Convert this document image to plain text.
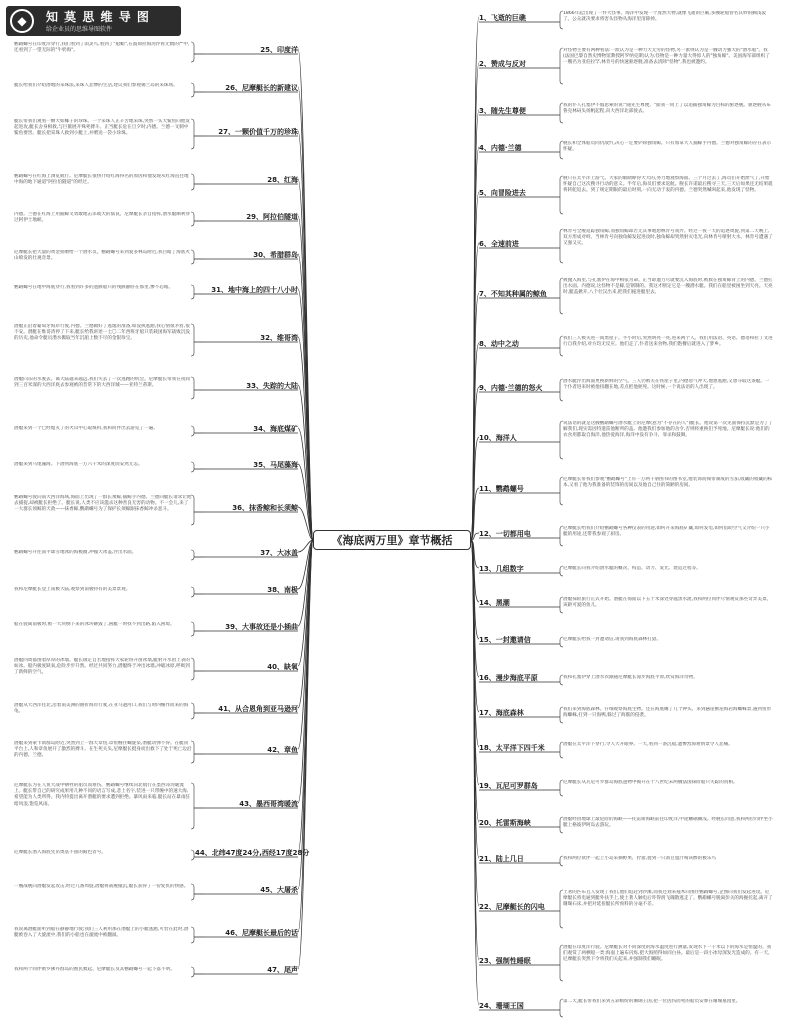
◆	知 莫 思 维 导 图
给企业员的思维导图软件
《海底两万里》章节概括
1、飞逝的巨礁
1866年起出现了一件大怪事。海洋中发现一个庞然大物,就像飞逝的巨礁,多艘轮船曾名其妙的搁浅裂了。公众就决要求将害头怪物从海洋里清除掉。
2、赞成与反对
对怪物主要有两种看法:一派认为是一种力大无穷的怪物,另一派则认为是一艘动力强大的"潜水船"。我(法国巴黎自然史博物馆教授阿罗纳克斯)认为,怪物是一种力量大得惊人的"独角鲸"。美国海军部组织了一艘名为亚伯拉罕,林肯号的快速驱逐舰,准备去清除"怪物",我也被邀约。
3、随先生尊便
我的仆人孔塞伊不假思索的说:"随先生尊便。"面我一同上了以追捕独角鲸为目标的驱逐舰。驱逐舰从布鲁克林码头扬帆起程,向大西洋北部驶去。
4、内德·兰德
舰长和全体船员同仇敌忾,决心一定要铲除独角鲸。只有加拿大人捕鲸手内德。兰德对独角鲸的存在表示怀疑。
5、向冒险进去
舰只在太平洋上游弋。大家的眼睛睁得大大的,努力地观察海面。三个月过去了,海员们开始泄气了,开始怀疑自己这次搜寻行动的意义。半年后,海员们要求返航。舰长许诺最后搜寻三天,三天后如果还无结果就将转舵返去。到了规定期限的最后时刻,一向无动于衷的内德。兰德突然喊叫起来,他发现了怪物。
6、全速前进
林肯号全舰追踪独角鲸,而独角鲸却若无其事地想林肯号戏弄。经过一夜一天的追逐周旋,到第二天晚上,双方形成对峙。当林肯号向独角鲸发起进攻时,独角鲸却突然射灭电光,向林肯号喷射大水。林肯号遭遇了又强又灭。
7、不知其种属的鲸鱼
被抛入海里,与孔塞伊在海中相依为命。正当即遭力尽就要沉入海底时,被救在独角鲸背上的内德。兰德扛出水面。内德说,这怪物不是鲸,是钢制的。我这才断定它是一艘潜水艇。我们在船里被困坐到天亮。天亮时,艇盖掀开,八个壮汉出来,把我们拖进艇里去。
8、动中之动
我们三人被关进一间黑屋子。半小时后,突然明亮一亮,进来两个人。我们用法语、英语、德语和拉丁文进行自我介绍,对方均无反应。他们走了,仆者送来食物,我们饱餐后就进入了梦乡。
9、内德·兰德的怒火
潜水艇浮出海面更换新鲜的空气。三人仍被关在铁屋子里,内德怒气冲天,他想逃跑,又想夺取这条艇。一个仆者进来时被他扭翻在地,差点把他扼死。这时候,一个说法语的人出现了。
10、海洋人
说法语的就是这艘鹦鹉螺号潜水艇上的尼摩(意为"不存在的人")艇长。他说第一次见面保持沉默是为了了解我们,现实需因特遗雷他断所的盖。他邀我们参加他的舍令,否则将重换们予死地。尼摩艇长说:他们的衣食用都取自海洋,他热爱海洋,海洋中没有争斗、罪杀和鼓舞。
11、鹦鹉螺号
尼摩艇长带我们参观"鹦鹉螺号"上有一万两千册图书的图书室,他装饰而掏带制成的雪茄,收藏的收藏的标本,又看了他为我准备的装饰的房间以及他自己住的简陋的房间。
12、一切都用电
尼摩艇长给我们介绍鹦鹉螺号各种仪表的用途,如何开采海底矿藏,如何发电,如何借助空气又介绍一只小艇的用途,还带我参观了厨房。
13、几组数字	尼摩艇长向我介绍潜水艇的概况、构造、动力、发光、建造过程等。
14、黑潮	潜艇探险旅行正式开始。潜艇在海面以下五十米深处穿越黑水流,我和两位同伴尽情观赏那些奇异美景。该龄可爱的鱼儿。
15、一封邀请信	尼摩艇长给我一封邀请信,请我到海底森林打猎。
16、漫步海底平原	我和孔塞伊穿上潜水衣跟随尼摩艇长漫步海底平原,欣赏海洋奇物。
17、海底森林	我们来到海底森林。仔细观察海底生物。还在海底睡了几个钟头。来到悬崖断崖海岩海蜘蛛景,遇到鱼形海蜘蛛,打到一只海鸭,躲过了海鲨的侵袭。
18、太平洋下四千米	潜艇在太平洋下穿行,令人大开眼界。一天,看到一条沉船,遭惨烈海难情景令人悲痛。
19、瓦尼可罗群岛	尼摩艇长从瓦尼可罗群岛海底遗物中揭开在十八世纪末两艘法国探险船只失踪的真相。
20、托雷斯海峡	潜艇经由地球上最危险的海峡——托雷斯海峡前往印度洋,中途触礁搁浅。经舰长同意,我和两位同伴坐小艇上格波伊阿岛去游玩。
21、陆上几日	我和两位伙伴一起上小岛采摘野果、狩猎,捉到一只鸽豆蔻汁啃该醉的极乐鸟
22、尼摩艇长的闪电
土著的匹布且人发现了我们,他们追赶到沙滩,而我还划来拖木向围住鹦鹉螺号,企图向我们发起进攻。尼摩艇长将电通到艇外扶手上,使土著人触电后吓得滑飞魄散逃走了。鹦鹉螺号脱离彭关的海握托起,离开了珊瑚石床,并把对延扭艇长所预料的分毫不差。
23、强制性睡眠
潜艇在印度洋行驶。尼摩艇长对不同深度的海水温度进行测量,发现水下一千米以下的海水是恒温的。我们观赏了两栖船一类:海面上遍布闪烁,把大海照得如同白昼。最后是一段小冰母深发光造成的。有一天,尼摩艇长突然下令将我们关起来,并强制我们睡眠。
24、珊瑚王国
第二天,艇长带我们来到五彩缤纷的珊瑚王国,把一位因伤而死的船员安葬在珊瑚墓园里。
25、印度洋
鹦鹉螺号在印度洋穿行,我们看到了雨灵鸟,看到了"船蛸",在波如拉海湾浮看无数的严中,还看到了一望无际的"牛奶海"。
26、尼摩艇长的新建议
艇长给我们介绍潜地的采珠法,采珠人悲惨的生活,建议我们参观锡兰岛的采珠场。
27、一颗价值千万的珍珠
艇长带我们观看一颗大如椰子的珍珠。一个采珠人正辛苦地采珠,突然一头大鲨鱼向他发起进攻,艇长舍身相救,与巨鲨展开殊死搏斗。正当艇长危在旦夕时,内德。兰德一叉刺中鲨鱼要害。艇长把采珠人救到小艇上,并赠送一袋小珍珠。
28、红海
鹦鹉螺号在红海上浏览航行。尼摩艇长很快介绍红海得名的原因和他发现从红海直往地中海的地下通道"阿拉伯隧道"的经过。
29、阿拉伯隧道
内德。兰德在红海上用捕鲸叉勇敢地击杀或大的儒艮。尼摩艇长亲自指挥,潜水艇顺利穿过阿伊士地峡。
30、希腊群岛
尼摩艇长把大量的黄金捐赠给一个潜水员。鹦鹉螺号来到爱多林岛附近,我目睹了海底火山喷发的壮观奇景。
31、地中海上的四十八小时
鹦鹉螺号在地中海底穿行,我看到许多的遗骸船只的残骸静卧在那里,惨不忍睹。
32、维哥湾
潜艇正沿着葡萄牙海岸行驶,内德。兰德做好了逃逸的准备,如没执逃跑,我心情很矛盾,很不安。潜艇在维哥湾停了下来,艇长给我讲述一七〇二年西班牙船只装载国海军战败沉没的历史,他命令艇员潜水搬取当年沉船上数不尽的金银珍宝。
33、失踪的大陆
潜艇向东的水驶去。离大陆越来越远,我们失去了一次逃跑的机会。尼摩艇长带我在夜间到三百米深的大西洋底去参观被的昔常下的大西洋城——亚特兰蒂斯。
34、海底煤矿
潜艇来到一个已经熄灭了的火山中心取煤料,我和同伴出去游览了一遍。
35、马尾藻海
潜艇来到马尾藻海。下潜到海底一万六千米的深度而安然无恙。
36、抹香鲸和长须鲸
鹦鹉螺号驶向南大西洋海域,海面上出现了一群长须鲸,捕鲸手内德。兰德向艇长请求让他去捕捉,却被艇长拒绝了。艇长说,人类不应该滥杀这种善良无害的动物。不一会儿,来了一大群长须鲸的天敌——抹香鲸,鹦鹉螺号为了保护长须鲸跟抹香鲸冲杀恶斗。
37、大冰盖
鹦鹉螺号开往南半球雪地冰的海极圈,冲撞大冰盖,浮出水面。
38、南极
我和尼摩艇长登上南极大陆,观察到南极特有的美景景观。
39、大事故还是小插曲
船在驶离南极时,被一大块倒下来的冰块砸毁了,困艇一时找不到出路,陷入困境。
40、缺氧
潜艇四周都围着厚厚的冰墙。艇长镇定自若地指挥大家轮班开凿冰墙,艇射开水由上表的如冰。船内极度缺氧,危险步步升然。经过共同努力,潜艇终于冲出冰墙,冲破冰原,呼吸到了新鲜的空气。
41、从合恩角到亚马逊河
潜艇从大西洋往北,沿着南美洲的曲折海岸行驶,在亚马逊河口,我们与时四缠作而来的海龟。
42、章鱼
潜艇来到蒙卡斯群岛附近,突然到上一群大章鱼,章鱼缠住螺旋桨,潜艇动弹不得。在艇顶平台上,人和章鱼展开了激烈的搏斗。在生死关头,尼摩艇长挺身而出救下了处于死亡边沿的内德。兰德。
43、墨西哥湾暖流
尼摩艇长为在人鱼大战中牺牲的船员而难伤。鹦鹉螺号继续向北航行在墨西哥湾暖流上。艇长带自己的研究成果用几种不同的语言写成,悲上名字,装进一只带缠中的速大海,希望能为人类所得。我内特提出离开潜艇的要求遭到拒绝。暴风雨来临,艇长站在暴雨驻暗风浪,饱览风雨。
44、北纬47度24分,西经17度28分
尼摩艇长潜入海底凭吊奥基不固的殿色者号。
45、大屠杀
一艘战舰向潜艇发起攻击,经过几番周旋,潜艇将战舰撞沉,艇长获得了一份复仇的快感。
46、尼摩艇长最后的话
我说离潜艇面听到船在静静地行驶;我们三人利用那在潜艇上的小艇逃跑,可恰在此时,潜艇被卷入了大旋流中,我们的小船也在漩流中被翻溢。
47、尾声
我和两个同伴被罗佛丹群岛的渔民救起。尼摩艇长及其鹦鹉螺号一起下落不明。
